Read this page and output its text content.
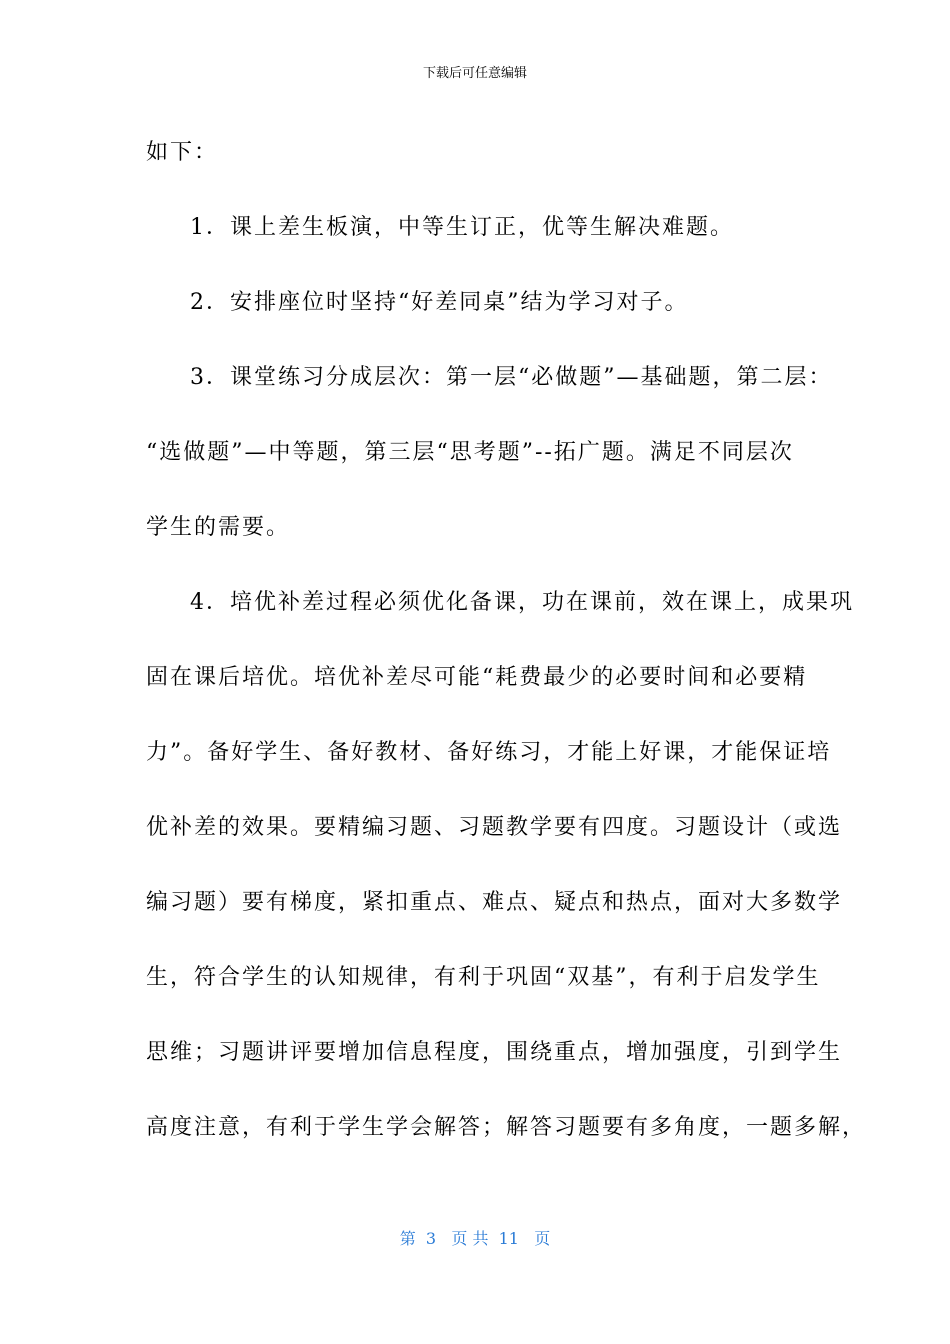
下载后可任意编辑
如下：
1．课上差生板演，中等生订正，优等生解决难题。
2．安排座位时坚持“好差同桌”结为学习对子。
3．课堂练习分成层次：第一层“必做题”—基础题，第二层：
“选做题”—中等题，第三层“思考题”--拓广题。满足不同层次
学生的需要。
4．培优补差过程必须优化备课，功在课前，效在课上，成果巩
固在课后培优。培优补差尽可能“耗费最少的必要时间和必要精
力”。备好学生、备好教材、备好练习，才能上好课，才能保证培
优补差的效果。要精编习题、习题教学要有四度。习题设计（或选
编习题）要有梯度，紧扣重点、难点、疑点和热点，面对大多数学
生，符合学生的认知规律，有利于巩固“双基”，有利于启发学生
思维；习题讲评要增加信息程度，围绕重点，增加强度，引到学生
高度注意，有利于学生学会解答；解答习题要有多角度，一题多解，
第  3   页 共  11   页
